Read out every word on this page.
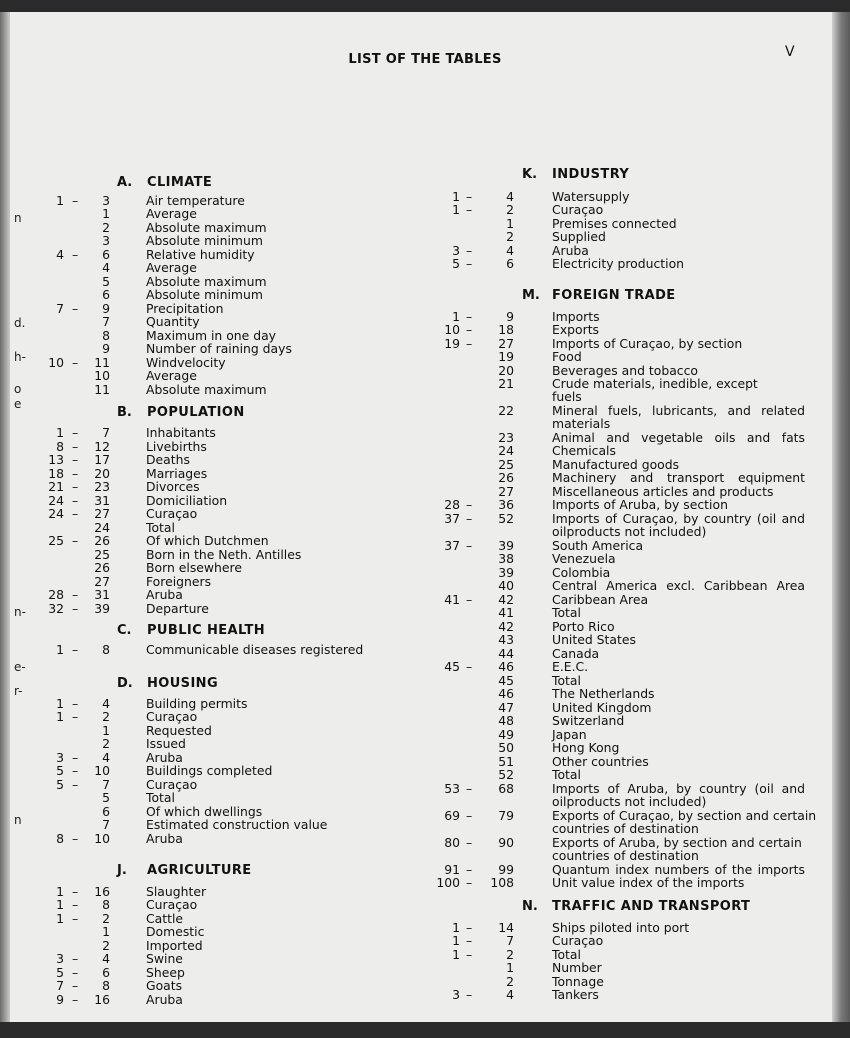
LIST OF THE TABLES	V
n
d.
h-
o
e
n-
e-
r-
n
A. CLIMATE
1 –	3	Air temperature
1	Average
2	Absolute maximum
3	Absolute minimum
4 –	6	Relative humidity
4	Average
5	Absolute maximum
6	Absolute minimum
7 –	9	Precipitation
7	Quantity
8	Maximum in one day
9	Number of raining days
10 –	11	Windvelocity
10	Average
11	Absolute maximum
B. POPULATION
1 –	7	Inhabitants
8 –	12	Livebirths
13 –	17	Deaths
18 –	20	Marriages
21 –	23	Divorces
24 –	31	Domiciliation
24 –	27	Curaçao
24	Total
25 –	26	Of which Dutchmen
25	Born in the Neth. Antilles
26	Born elsewhere
27	Foreigners
28 –	31	Aruba
32 –	39	Departure
C. PUBLIC HEALTH
1 –	8	Communicable diseases registered
D. HOUSING
1 –	4	Building permits
1 –	2	Curaçao
1	Requested
2	Issued
3 –	4	Aruba
5 –	10	Buildings completed
5 –	7	Curaçao
5	Total
6	Of which dwellings
7	Estimated construction value
8 –	10	Aruba
J. AGRICULTURE
1 –	16	Slaughter
1 –	8	Curaçao
1 –	2	Cattle
1	Domestic
2	Imported
3 –	4	Swine
5 –	6	Sheep
7 –	8	Goats
9 –	16	Aruba
K. INDUSTRY
1 –	4	Watersupply
1 –	2	Curaçao
1	Premises connected
2	Supplied
3 –	4	Aruba
5 –	6	Electricity production
M. FOREIGN TRADE
1 –	9	Imports
10 –	18	Exports
19 –	27	Imports of Curaçao, by section
19	Food
20	Beverages and tobacco
21	Crude materials, inedible, except
fuels
22	Mineral fuels, lubricants, and related
materials
23	Animal and vegetable oils and fats
24	Chemicals
25	Manufactured goods
26	Machinery and transport equipment
27	Miscellaneous articles and products
28 –	36	Imports of Aruba, by section
37 –	52	Imports of Curaçao, by country (oil and
oilproducts not included)
37 –	39	South America
38	Venezuela
39	Colombia
40	Central America excl. Caribbean Area
41 –	42	Caribbean Area
41	Total
42	Porto Rico
43	United States
44	Canada
45 –	46	E.E.C.
45	Total
46	The Netherlands
47	United Kingdom
48	Switzerland
49	Japan
50	Hong Kong
51	Other countries
52	Total
53 –	68	Imports of Aruba, by country (oil and
oilproducts not included)
69 –	79	Exports of Curaçao, by section and certain
countries of destination
80 –	90	Exports of Aruba, by section and certain
countries of destination
91 –	99	Quantum index numbers of the imports
100 –	108	Unit value index of the imports
N. TRAFFIC AND TRANSPORT
1 –	14	Ships piloted into port
1 –	7	Curaçao
1 –	2	Total
1	Number
2	Tonnage
3 –	4	Tankers
